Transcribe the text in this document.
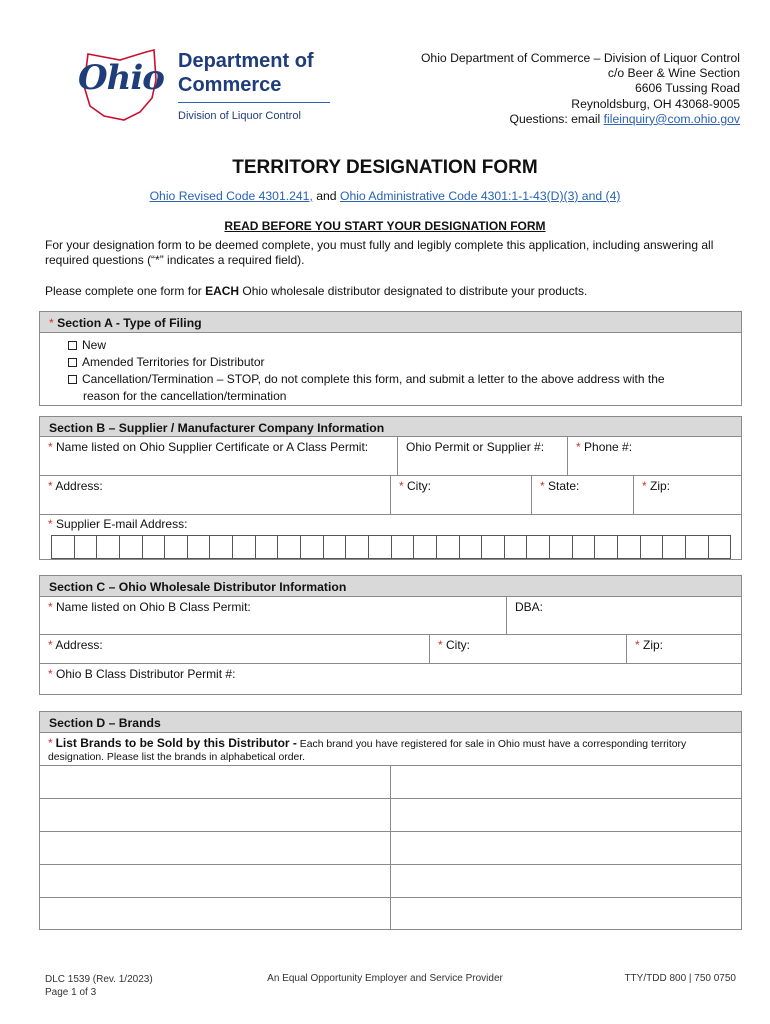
Ohio Department of
Commerce
Division of Liquor Control
Ohio Department of Commerce – Division of Liquor Control
c/o Beer & Wine Section
6606 Tussing Road
Reynoldsburg, OH 43068-9005
Questions: email fileinquiry@com.ohio.gov
TERRITORY DESIGNATION FORM
Ohio Revised Code 4301.241, and Ohio Administrative Code 4301:1-1-43(D)(3) and (4)
READ BEFORE YOU START YOUR DESIGNATION FORM
For your designation form to be deemed complete, you must fully and legibly complete this application, including answering all required questions (“*” indicates a required field).
Please complete one form for EACH Ohio wholesale distributor designated to distribute your products.
* Section A - Type of Filing
New
Amended Territories for Distributor
Cancellation/Termination – STOP, do not complete this form, and submit a letter to the above address with the
reason for the cancellation/termination
Section B – Supplier / Manufacturer Company Information
* Name listed on Ohio Supplier Certificate or A Class Permit:	Ohio Permit or Supplier #:	* Phone #:
* Address:	* City:	* State:	* Zip:
* Supplier E-mail Address:
Section C – Ohio Wholesale Distributor Information
* Name listed on Ohio B Class Permit:	DBA:
* Address:	* City:	* Zip:
* Ohio B Class Distributor Permit #:
Section D – Brands
* List Brands to be Sold by this Distributor - Each brand you have registered for sale in Ohio must have a corresponding territory designation. Please list the brands in alphabetical order.
DLC 1539 (Rev. 1/2023)
Page 1 of 3
An Equal Opportunity Employer and Service Provider	TTY/TDD 800 | 750 0750
